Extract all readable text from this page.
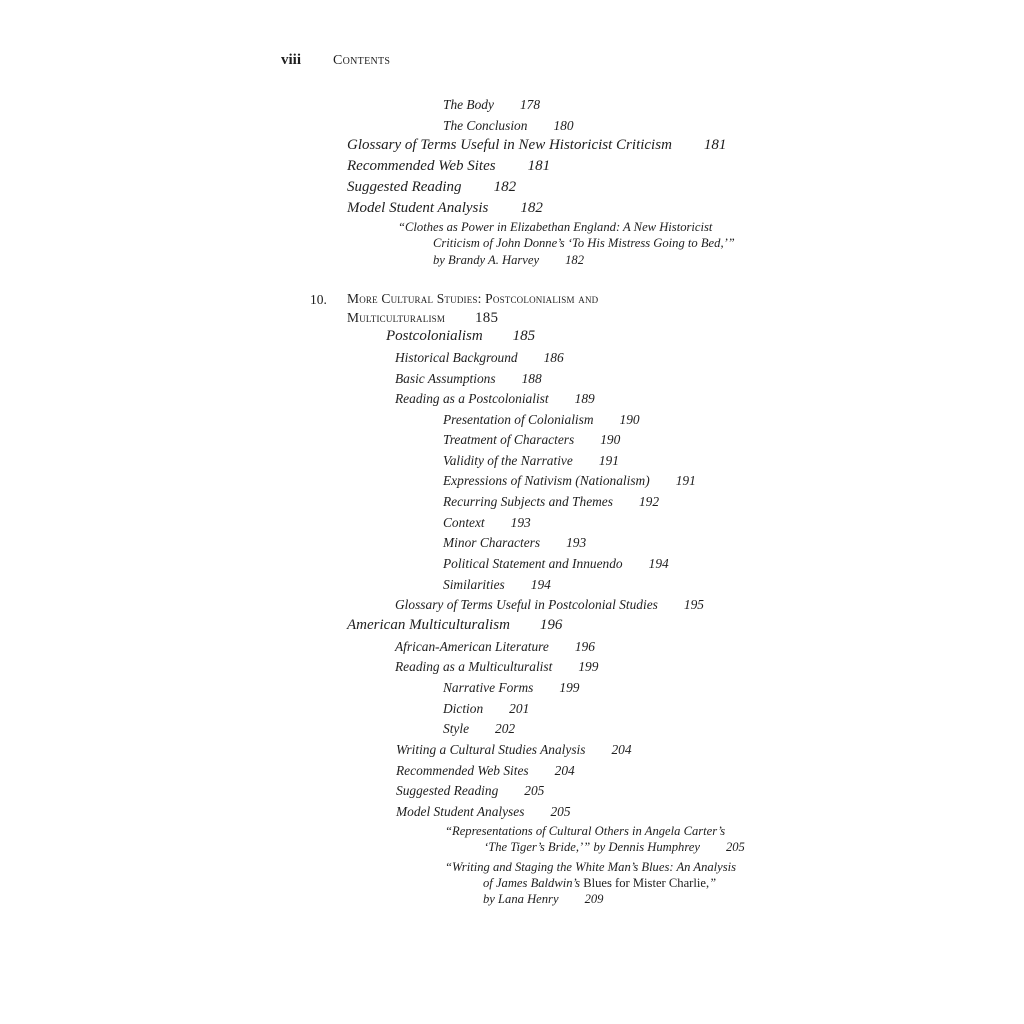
viii Contents
The Body 178
The Conclusion 180
Glossary of Terms Useful in New Historicist Criticism 181
Recommended Web Sites 181
Suggested Reading 182
Model Student Analysis 182
“Clothes as Power in Elizabethan England: A New Historicist
Criticism of John Donne’s ‘To His Mistress Going to Bed,’”
by Brandy A. Harvey 182
10. More Cultural Studies: Postcolonialism and
Multiculturalism 185
Postcolonialism 185
Historical Background 186
Basic Assumptions 188
Reading as a Postcolonialist 189
Presentation of Colonialism 190
Treatment of Characters 190
Validity of the Narrative 191
Expressions of Nativism (Nationalism) 191
Recurring Subjects and Themes 192
Context 193
Minor Characters 193
Political Statement and Innuendo 194
Similarities 194
Glossary of Terms Useful in Postcolonial Studies 195
American Multiculturalism 196
African-American Literature 196
Reading as a Multiculturalist 199
Narrative Forms 199
Diction 201
Style 202
Writing a Cultural Studies Analysis 204
Recommended Web Sites 204
Suggested Reading 205
Model Student Analyses 205
“Representations of Cultural Others in Angela Carter’s
‘The Tiger’s Bride,’” by Dennis Humphrey 205
“Writing and Staging the White Man’s Blues: An Analysis
of James Baldwin’s Blues for Mister Charlie,”
by Lana Henry 209
